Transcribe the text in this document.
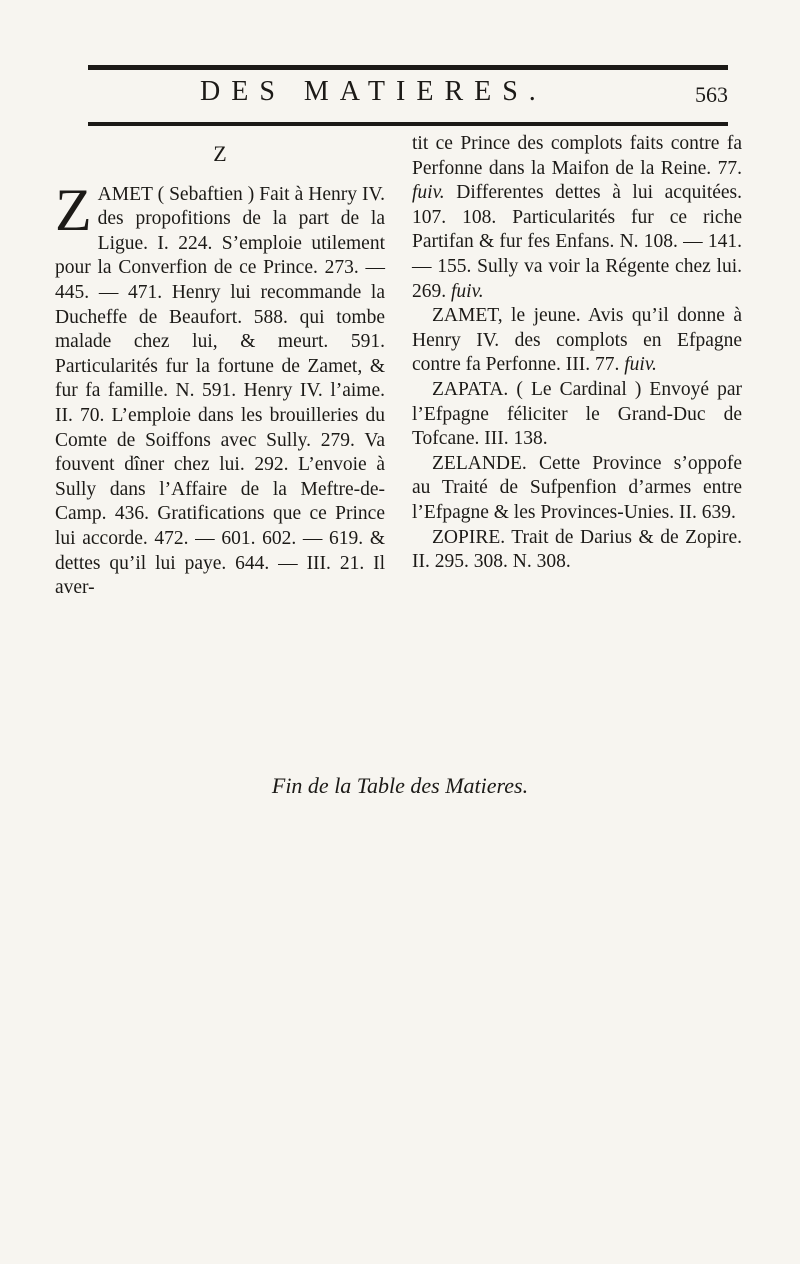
DES MATIERES.	563
Z

ZAMET ( Sebaftien ) Fait à Henry IV. des propofitions de la part de la Ligue. I. 224. S’emploie utilement pour la Converfion de ce Prince. 273. — 445. — 471. Henry lui recommande la Ducheffe de Beaufort. 588. qui tombe malade chez lui, & meurt. 591. Particularités fur la fortune de Zamet, & fur fa famille. N. 591. Henry IV. l’aime. II. 70. L’emploie dans les brouilleries du Comte de Soiffons avec Sully. 279. Va fouvent dîner chez lui. 292. L’envoie à Sully dans l’Affaire de la Meftre-de-Camp. 436. Gratifications que ce Prince lui accorde. 472. — 601. 602. — 619. & dettes qu’il lui paye. 644. — III. 21. Il aver-

tit ce Prince des complots faits contre fa Perfonne dans la Maifon de la Reine. 77. fuiv. Differentes dettes à lui acquitées. 107. 108. Particularités fur ce riche Partifan & fur fes Enfans. N. 108. — 141. — 155. Sully va voir la Régente chez lui. 269. fuiv.

ZAMET, le jeune. Avis qu’il donne à Henry IV. des complots en Efpagne contre fa Perfonne. III. 77. fuiv.

ZAPATA. ( Le Cardinal ) Envoyé par l’Efpagne féliciter le Grand-Duc de Tofcane. III. 138.

ZELANDE. Cette Province s’oppofe au Traité de Sufpenfion d’armes entre l’Efpagne & les Provinces-Unies. II. 639.

ZOPIRE. Trait de Darius & de Zopire. II. 295. 308. N. 308.

Fin de la Table des Matieres.
